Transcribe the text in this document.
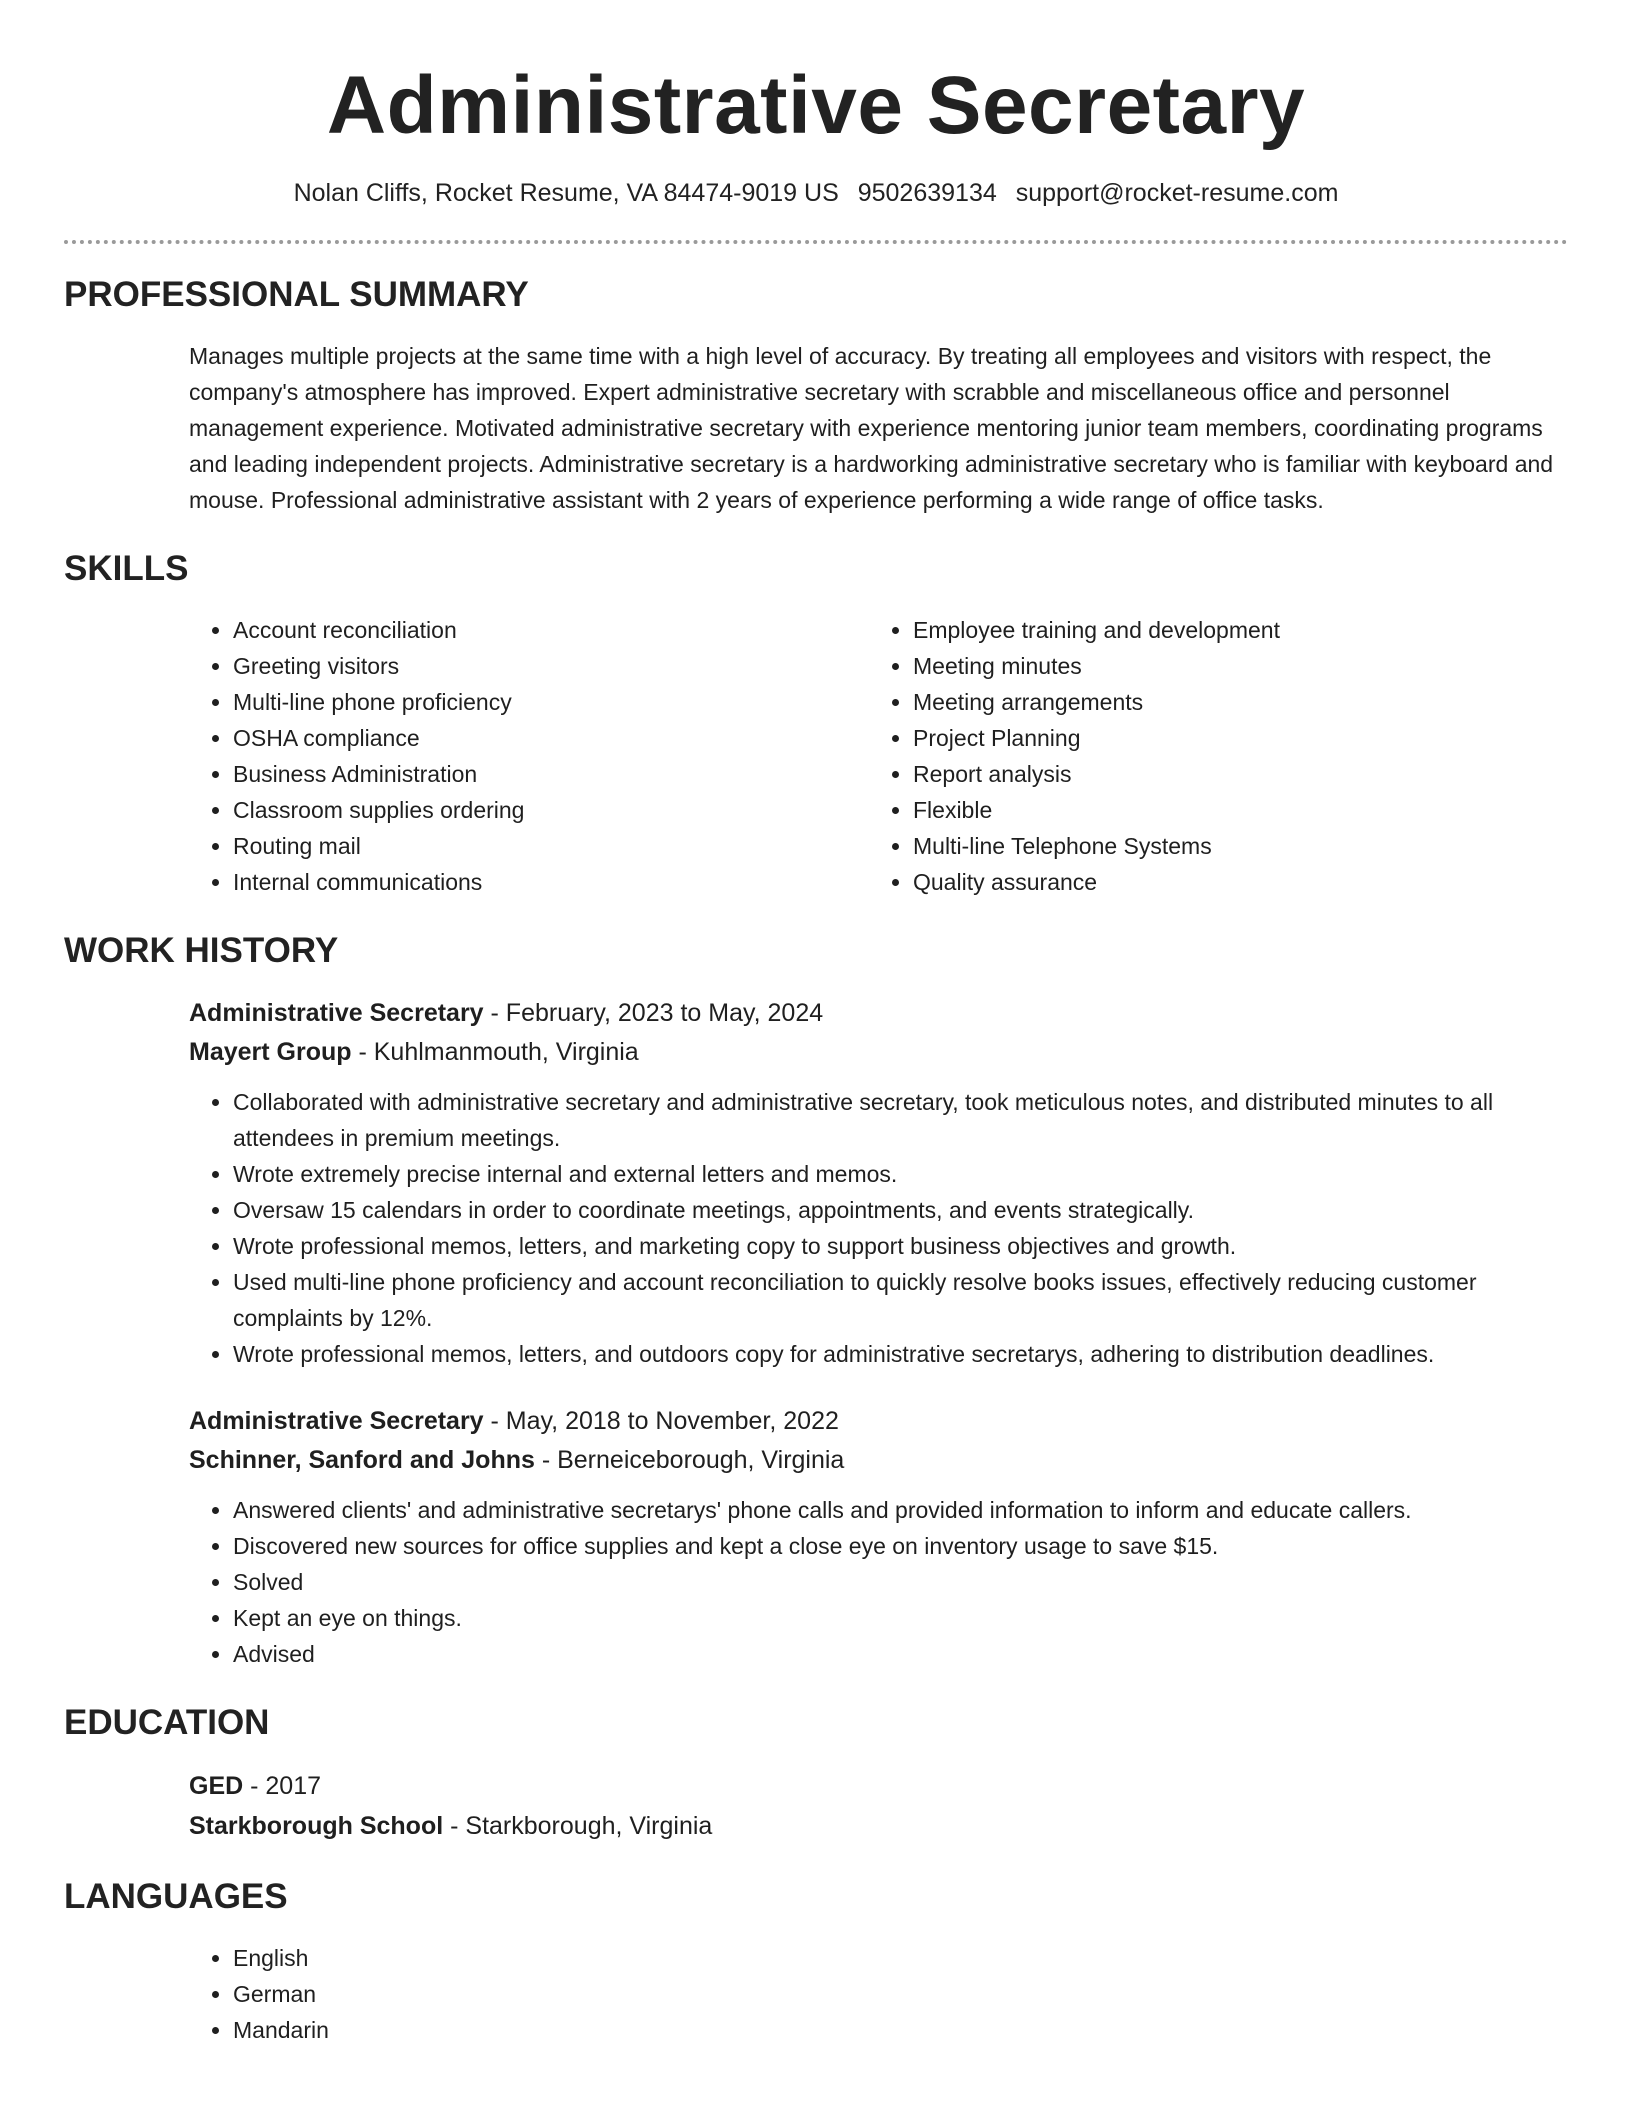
Administrative Secretary
Nolan Cliffs, Rocket Resume, VA 84474-9019 US 9502639134 support@rocket-resume.com
PROFESSIONAL SUMMARY

Manages multiple projects at the same time with a high level of accuracy. By treating all employees and visitors with respect, the company's atmosphere has improved. Expert administrative secretary with scrabble and miscellaneous office and personnel management experience. Motivated administrative secretary with experience mentoring junior team members, coordinating programs and leading independent projects. Administrative secretary is a hardworking administrative secretary who is familiar with keyboard and mouse. Professional administrative assistant with 2 years of experience performing a wide range of office tasks.

SKILLS
• Account reconciliation
• Greeting visitors
• Multi-line phone proficiency
• OSHA compliance
• Business Administration
• Classroom supplies ordering
• Routing mail
• Internal communications
• Employee training and development
• Meeting minutes
• Meeting arrangements
• Project Planning
• Report analysis
• Flexible
• Multi-line Telephone Systems
• Quality assurance
WORK HISTORY
Administrative Secretary - February, 2023 to May, 2024
Mayert Group - Kuhlmanmouth, Virginia
• Collaborated with administrative secretary and administrative secretary, took meticulous notes, and distributed minutes to all attendees in premium meetings.
• Wrote extremely precise internal and external letters and memos.
• Oversaw 15 calendars in order to coordinate meetings, appointments, and events strategically.
• Wrote professional memos, letters, and marketing copy to support business objectives and growth.
• Used multi-line phone proficiency and account reconciliation to quickly resolve books issues, effectively reducing customer complaints by 12%.
• Wrote professional memos, letters, and outdoors copy for administrative secretarys, adhering to distribution deadlines.
Administrative Secretary - May, 2018 to November, 2022
Schinner, Sanford and Johns - Berneiceborough, Virginia
• Answered clients' and administrative secretarys' phone calls and provided information to inform and educate callers.
• Discovered new sources for office supplies and kept a close eye on inventory usage to save $15.
• Solved
• Kept an eye on things.
• Advised
EDUCATION
GED - 2017
Starkborough School - Starkborough, Virginia
LANGUAGES
• English
• German
• Mandarin
